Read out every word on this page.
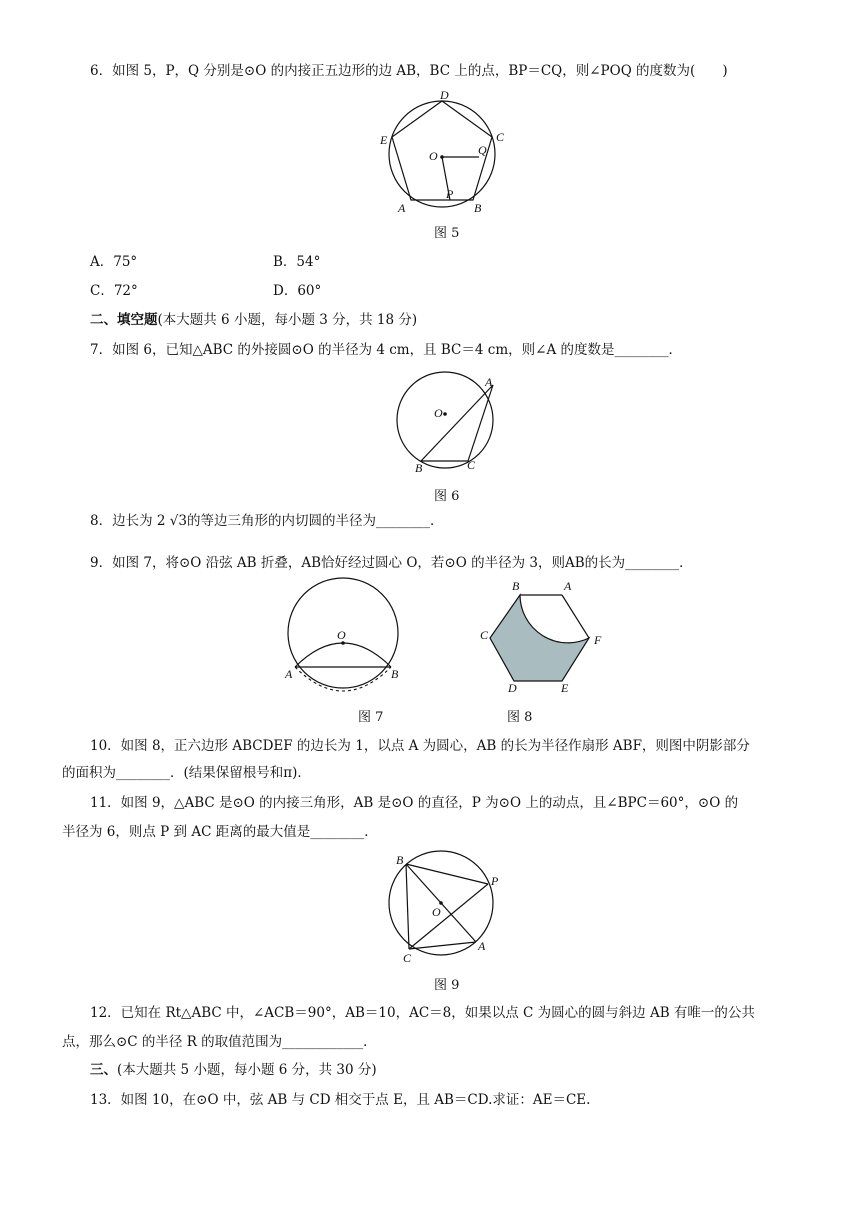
6．如图 5，P，Q 分别是⊙O 的内接正五边形的边 AB，BC 上的点，BP＝CQ，则∠POQ 的度数为(　　)
D
E	C
O	Q
P
A	B
图 5
A．75°	B．54°
C．72°	D．60°
二、填空题(本大题共 6 小题，每小题 3 分，共 18 分)
7．如图 6，已知△ABC 的外接圆⊙O 的半径为 4 cm，且 BC＝4 cm，则∠A 的度数是________．
A
O
B	C
图 6
8．边长为 2 √3的等边三角形的内切圆的半径为________．
9．如图 7，将⊙O 沿弦 AB 折叠，AB恰好经过圆心 O，若⊙O 的半径为 3，则AB的长为________．
O
A	B
图 7
B	A
C	F
D	E
图 8
10．如图 8，正六边形 ABCDEF 的边长为 1，以点 A 为圆心，AB 的长为半径作扇形 ABF，则图中阴影部分
的面积为________．(结果保留根号和π)．
11．如图 9，△ABC 是⊙O 的内接三角形，AB 是⊙O 的直径，P 为⊙O 上的动点，且∠BPC＝60°，⊙O 的
半径为 6，则点 P 到 AC 距离的最大值是________．
B
P
O
A
C
图 9
12．已知在 Rt△ABC 中，∠ACB＝90°，AB＝10，AC＝8，如果以点 C 为圆心的圆与斜边 AB 有唯一的公共
点，那么⊙C 的半径 R 的取值范围为____________．
三、(本大题共 5 小题，每小题 6 分，共 30 分)
13．如图 10，在⊙O 中，弦 AB 与 CD 相交于点 E，且 AB＝CD.求证：AE＝CE.
